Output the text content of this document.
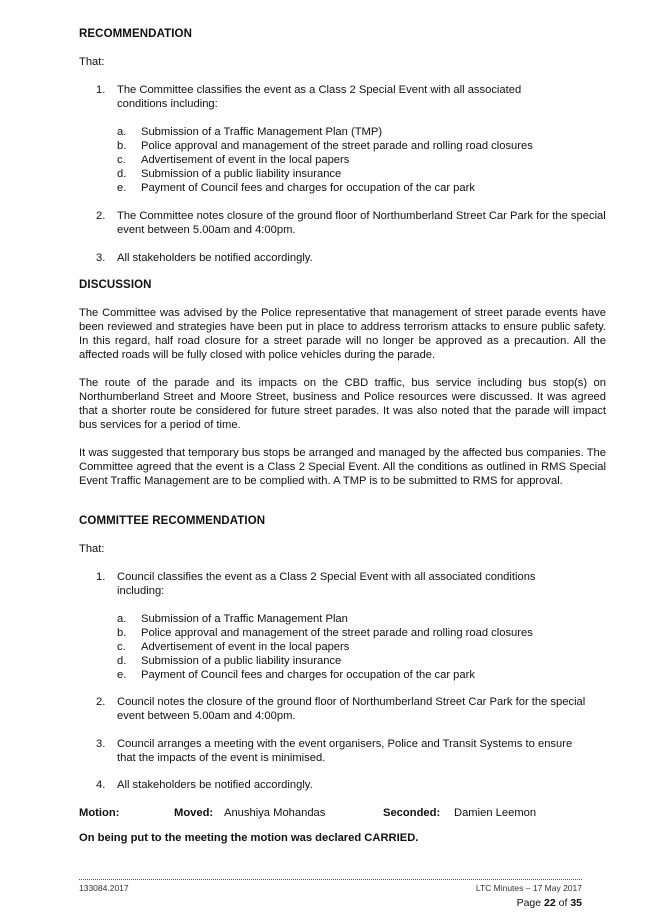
RECOMMENDATION
That:
1.	The Committee classifies the event as a Class 2 Special Event with all associated conditions including:
a.	Submission of a Traffic Management Plan (TMP)
b.	Police approval and management of the street parade and rolling road closures
c.	Advertisement of event in the local papers
d.	Submission of a public liability insurance
e.	Payment of Council fees and charges for occupation of the car park
2.	The Committee notes closure of the ground floor of Northumberland Street Car Park for the special event between 5.00am and 4:00pm.
3.	All stakeholders be notified accordingly.
DISCUSSION
The Committee was advised by the Police representative that management of street parade events have been reviewed and strategies have been put in place to address terrorism attacks to ensure public safety. In this regard, half road closure for a street parade will no longer be approved as a precaution. All the affected roads will be fully closed with police vehicles during the parade.
The route of the parade and its impacts on the CBD traffic, bus service including bus stop(s) on Northumberland Street and Moore Street, business and Police resources were discussed. It was agreed that a shorter route be considered for future street parades. It was also noted that the parade will impact bus services for a period of time.
It was suggested that temporary bus stops be arranged and managed by the affected bus companies. The Committee agreed that the event is a Class 2 Special Event. All the conditions as outlined in RMS Special Event Traffic Management are to be complied with. A TMP is to be submitted to RMS for approval.
COMMITTEE RECOMMENDATION
That:
1.	Council classifies the event as a Class 2 Special Event with all associated conditions including:
a.	Submission of a Traffic Management Plan
b.	Police approval and management of the street parade and rolling road closures
c.	Advertisement of event in the local papers
d.	Submission of a public liability insurance
e.	Payment of Council fees and charges for occupation of the car park
2.	Council notes the closure of the ground floor of Northumberland Street Car Park for the special event between 5.00am and 4:00pm.
3.	Council arranges a meeting with the event organisers, Police and Transit Systems to ensure that the impacts of the event is minimised.
4.	All stakeholders be notified accordingly.
Motion:	Moved: Anushiya Mohandas	Seconded: Damien Leemon
On being put to the meeting the motion was declared CARRIED.
133084.2017	LTC Minutes – 17 May 2017
Page 22 of 35
